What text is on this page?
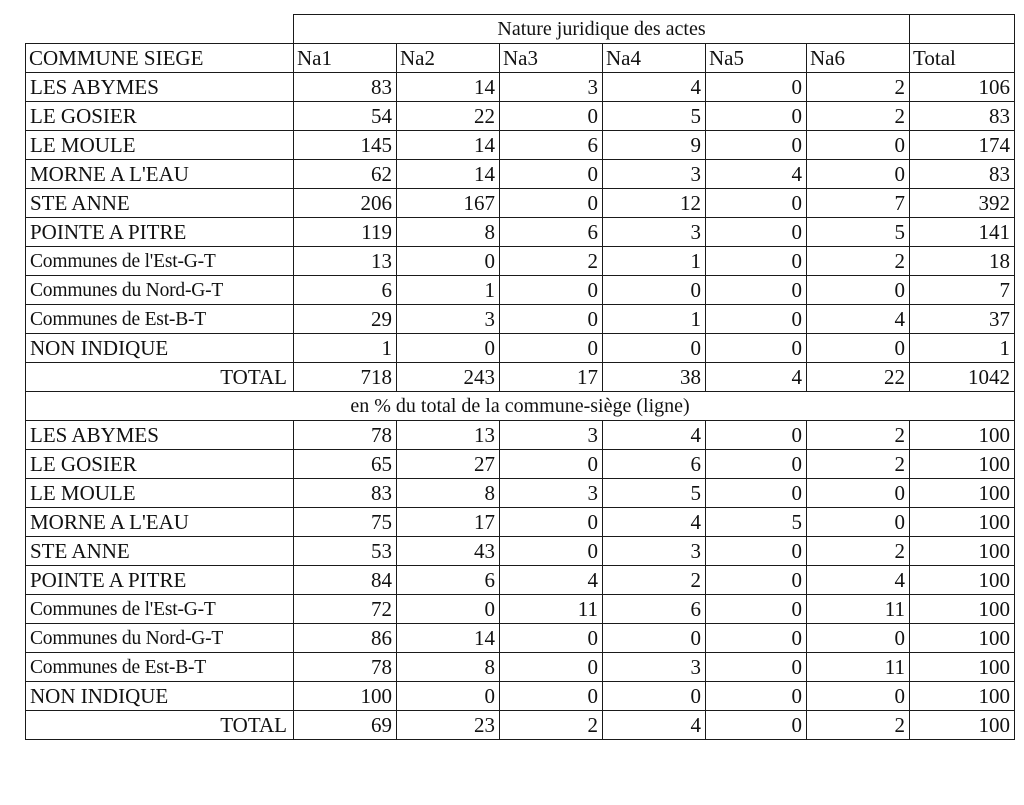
	Nature juridique des actes						
COMMUNE SIEGE	Na1	Na2	Na3	Na4	Na5	Na6	Total
LES ABYMES	83	14	3	4	0	2	106
LE GOSIER	54	22	0	5	0	2	83
LE MOULE	145	14	6	9	0	0	174
MORNE A L'EAU	62	14	0	3	4	0	83
STE ANNE	206	167	0	12	0	7	392
POINTE A PITRE	119	8	6	3	0	5	141
Communes de l'Est-G-T	13	0	2	1	0	2	18
Communes du Nord-G-T	6	1	0	0	0	0	7
Communes de Est-B-T	29	3	0	1	0	4	37
NON INDIQUE	1	0	0	0	0	0	1
TOTAL	718	243	17	38	4	22	1042
en % du total de la commune-siège (ligne)							
LES ABYMES	78	13	3	4	0	2	100
LE GOSIER	65	27	0	6	0	2	100
LE MOULE	83	8	3	5	0	0	100
MORNE A L'EAU	75	17	0	4	5	0	100
STE ANNE	53	43	0	3	0	2	100
POINTE A PITRE	84	6	4	2	0	4	100
Communes de l'Est-G-T	72	0	11	6	0	11	100
Communes du Nord-G-T	86	14	0	0	0	0	100
Communes de Est-B-T	78	8	0	3	0	11	100
NON INDIQUE	100	0	0	0	0	0	100
TOTAL	69	23	2	4	0	2	100
